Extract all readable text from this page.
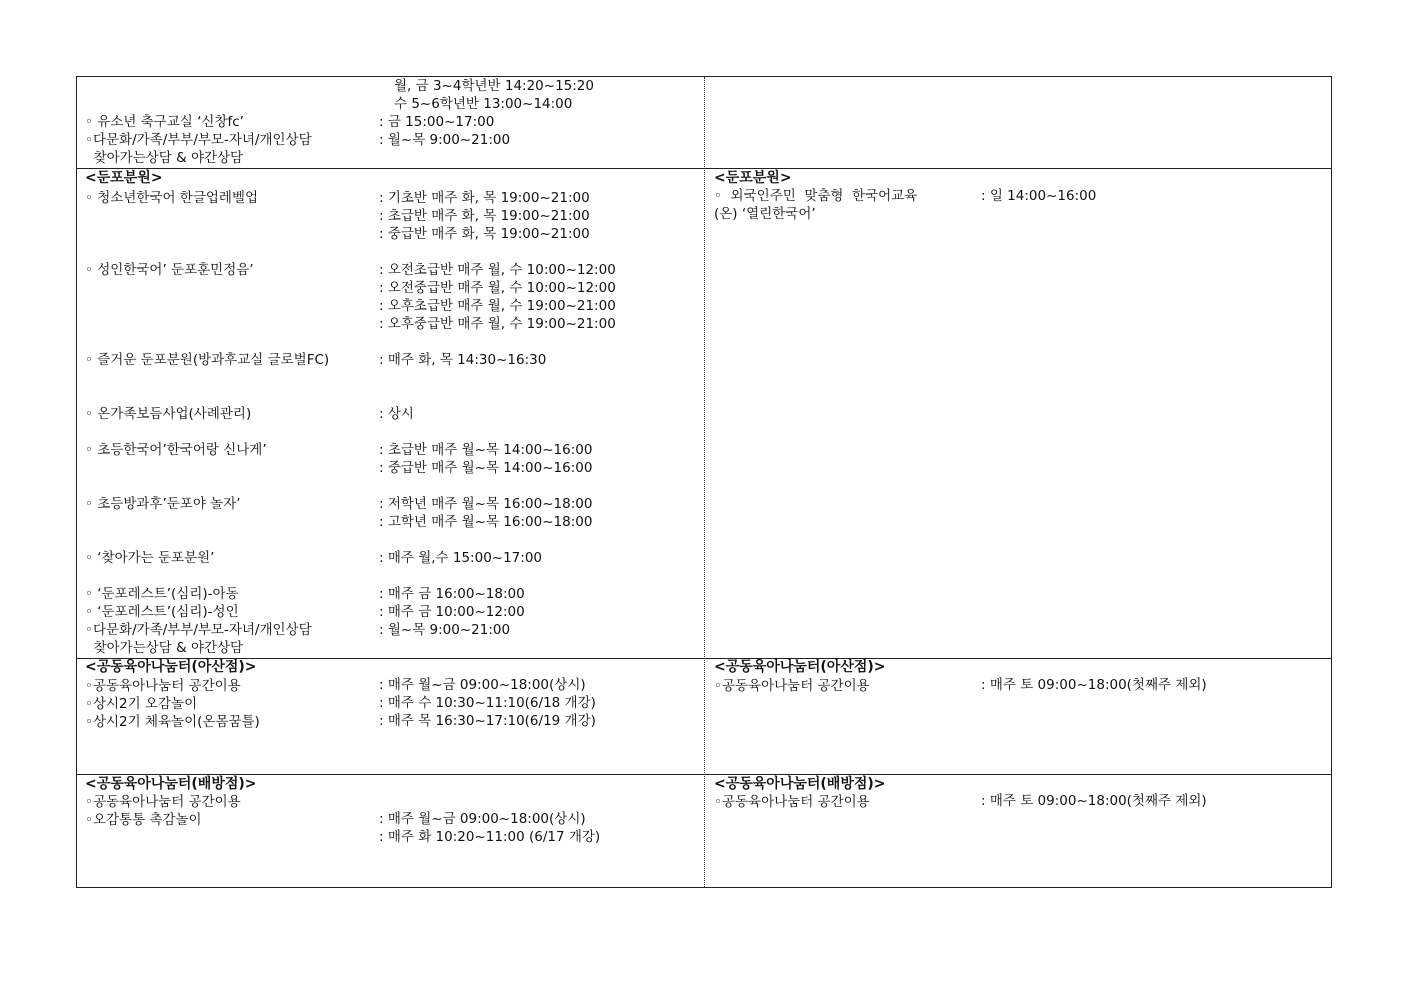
월, 금 3~4학년반 14:20~15:20
수 5~6학년반 13:00~14:00
◦ 유소년 축구교실 ‘신창fc’	: 금 15:00~17:00
◦다문화/가족/부부/부모-자녀/개인상담	: 월~목 9:00~21:00
찾아가는상담 & 야간상담
<둔포분원>
◦ 청소년한국어 한글업레벨업	: 기초반 매주 화, 목 19:00~21:00
: 초급반 매주 화, 목 19:00~21:00
: 중급반 매주 화, 목 19:00~21:00
◦ 성인한국어’ 둔포훈민정음’	: 오전초급반 매주 월, 수 10:00~12:00
: 오전중급반 매주 월, 수 10:00~12:00
: 오후초급반 매주 월, 수 19:00~21:00
: 오후중급반 매주 월, 수 19:00~21:00
◦ 즐거운 둔포분원(방과후교실 글로벌FC)	: 매주 화, 목 14:30~16:30
◦ 온가족보듬사업(사례관리)	: 상시
◦ 초등한국어’한국어랑 신나게’	: 초급반 매주 월~목 14:00~16:00
: 중급반 매주 월~목 14:00~16:00
◦ 초등방과후’둔포야 놀자’	: 저학년 매주 월~목 16:00~18:00
: 고학년 매주 월~목 16:00~18:00
◦ ‘찾아가는 둔포분원’	: 매주 월,수 15:00~17:00
◦ ‘둔포레스트’(심리)-아동	: 매주 금 16:00~18:00
◦ ‘둔포레스트’(심리)-성인	: 매주 금 10:00~12:00
◦다문화/가족/부부/부모-자녀/개인상담	: 월~목 9:00~21:00
찾아가는상담 & 야간상담
<둔포분원>
◦  외국인주민  맞춤형  한국어교육	: 일 14:00~16:00
(온) ‘열린한국어’
<공동육아나눔터(아산점)>
◦공동육아나눔터 공간이용	: 매주 월~금 09:00~18:00(상시)
◦상시2기 오감놀이	: 매주 수 10:30~11:10(6/18 개강)
◦상시2기 체육놀이(온몸꿈틀)	: 매주 목 16:30~17:10(6/19 개강)
<공동육아나눔터(아산점)>
◦공동육아나눔터 공간이용	: 매주 토 09:00~18:00(첫째주 제외)
<공동육아나눔터(배방점)>
◦공동육아나눔터 공간이용
◦오감통통 촉감놀이	: 매주 월~금 09:00~18:00(상시)
: 매주 화 10:20~11:00 (6/17 개강)
<공동육아나눔터(배방점)>
◦공동육아나눔터 공간이용	: 매주 토 09:00~18:00(첫째주 제외)
